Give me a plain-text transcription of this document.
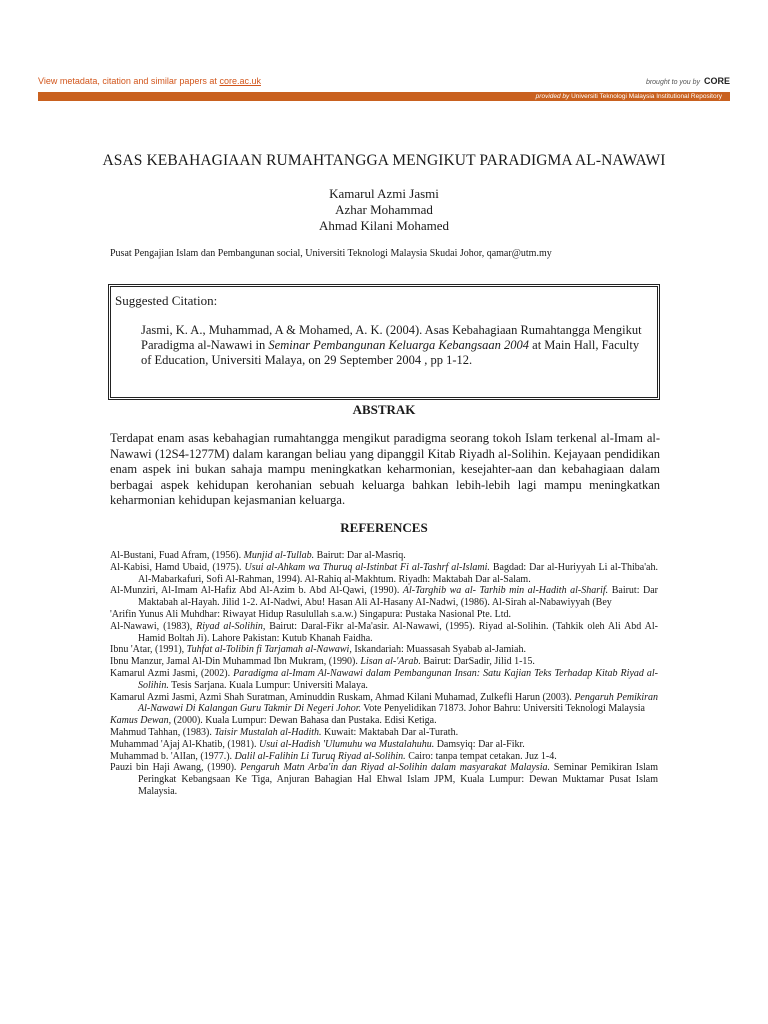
View metadata, citation and similar papers at core.ac.uk	brought to you by CORE
provided by Universiti Teknologi Malaysia Institutional Repository
ASAS KEBAHAGIAAN RUMAHTANGGA MENGIKUT PARADIGMA AL-NAWAWI
Kamarul Azmi Jasmi
Azhar Mohammad
Ahmad Kilani Mohamed
Pusat Pengajian Islam dan Pembangunan social, Universiti Teknologi Malaysia Skudai Johor, qamar@utm.my
Suggested Citation:
Jasmi, K. A., Muhammad, A & Mohamed, A. K. (2004). Asas Kebahagiaan Rumahtangga Mengikut Paradigma al-Nawawi in Seminar Pembangunan Keluarga Kebangsaan 2004 at Main Hall, Faculty of Education, Universiti Malaya, on 29 September 2004 , pp 1-12.
ABSTRAK
Terdapat enam asas kebahagian rumahtangga mengikut paradigma seorang tokoh Islam terkenal al-Imam al-Nawawi (12S4-1277M) dalam karangan beliau yang dipanggil Kitab Riyadh al-Solihin. Kejayaan pendidikan enam aspek ini bukan sahaja mampu meningkatkan keharmonian, kesejahter-aan dan kebahagiaan dalam berbagai aspek kehidupan kerohanian sebuah keluarga bahkan lebih-lebih lagi mampu meningkatkan keharmonian kehidupan kejasmanian keluarga.
REFERENCES

Al-Bustani, Fuad Afram, (1956). Munjid al-Tullab. Bairut: Dar al-Masriq.

Al-Kabisi, Hamd Ubaid, (1975). Usui al-Ahkam wa Thuruq al-Istinbat Fi al-Tashrf al-Islami. Bagdad: Dar al-Huriyyah Li al-Thiba'ah. Al-Mabarkafuri, Sofi Al-Rahman, 1994). Al-Rahiq al-Makhtum. Riyadh: Maktabah Dar al-Salam.

Al-Munziri, Al-Imam Al-Hafiz Abd Al-Azim b. Abd Al-Qawi, (1990). Al-Targhib wa al- Tarhib min al-Hadith al-Sharif. Bairut: Dar Maktabah al-Hayah. Jilid 1-2. AI-Nadwi, Abu! Hasan Ali AI-Hasany AI-Nadwi, (1986). Al-Sirah al-Nabawiyyah (Bey

'Arifin Yunus Ali Muhdhar: Riwayat Hidup Rasulullah s.a.w.) Singapura: Pustaka Nasional Pte. Ltd.

Al-Nawawi, (1983), Riyad al-Solihin, Bairut: Daral-Fikr al-Ma'asir. Al-Nawawi, (1995). Riyad al-Solihin. (Tahkik oleh Ali Abd Al-Hamid Boltah Ji). Lahore Pakistan: Kutub Khanah Faidha.

Ibnu 'Atar, (1991), Tuhfat al-Tolibin fi Tarjamah al-Nawawi, Iskandariah: Muassasah Syabab al-Jamiah.

Ibnu Manzur, Jamal Al-Din Muhammad Ibn Mukram, (1990). Lisan al-'Arab. Bairut: DarSadir, Jilid 1-15.

Kamarul Azmi Jasmi, (2002). Paradigma al-Imam Al-Nawawi dalam Pembangunan Insan: Satu Kajian Teks Terhadap Kitab Riyad al-Solihin. Tesis Sarjana. Kuala Lumpur: Universiti Malaya.

Kamarul Azmi Jasmi, Azmi Shah Suratman, Aminuddin Ruskam, Ahmad Kilani Muhamad, Zulkefli Harun (2003). Pengaruh Pemikiran Al-Nawawi Di Kalangan Guru Takmir Di Negeri Johor. Vote Penyelidikan 71873. Johor Bahru: Universiti Teknologi Malaysia

Kamus Dewan, (2000). Kuala Lumpur: Dewan Bahasa dan Pustaka. Edisi Ketiga.

Mahmud Tahhan, (1983). Taisir Mustalah al-Hadith. Kuwait: Maktabah Dar al-Turath.

Muhammad 'Ajaj Al-Khatib, (1981). Usui al-Hadish 'Ulumuhu wa Mustalahuhu. Damsyiq: Dar al-Fikr.

Muhammad b. 'AlIan, (1977.). Dalil al-Falihin Li Turuq Riyad al-Solihin. Cairo: tanpa tempat cetakan. Juz 1-4.

Pauzi bin Haji Awang, (1990). Pengaruh Matn Arba'in dan Riyad al-Solihin dalam masyarakat Malaysia. Seminar Pemikiran Islam Peringkat Kebangsaan Ke Tiga, Anjuran Bahagian Hal Ehwal Islam JPM, Kuala Lumpur: Dewan Muktamar Pusat Islam Malaysia.
